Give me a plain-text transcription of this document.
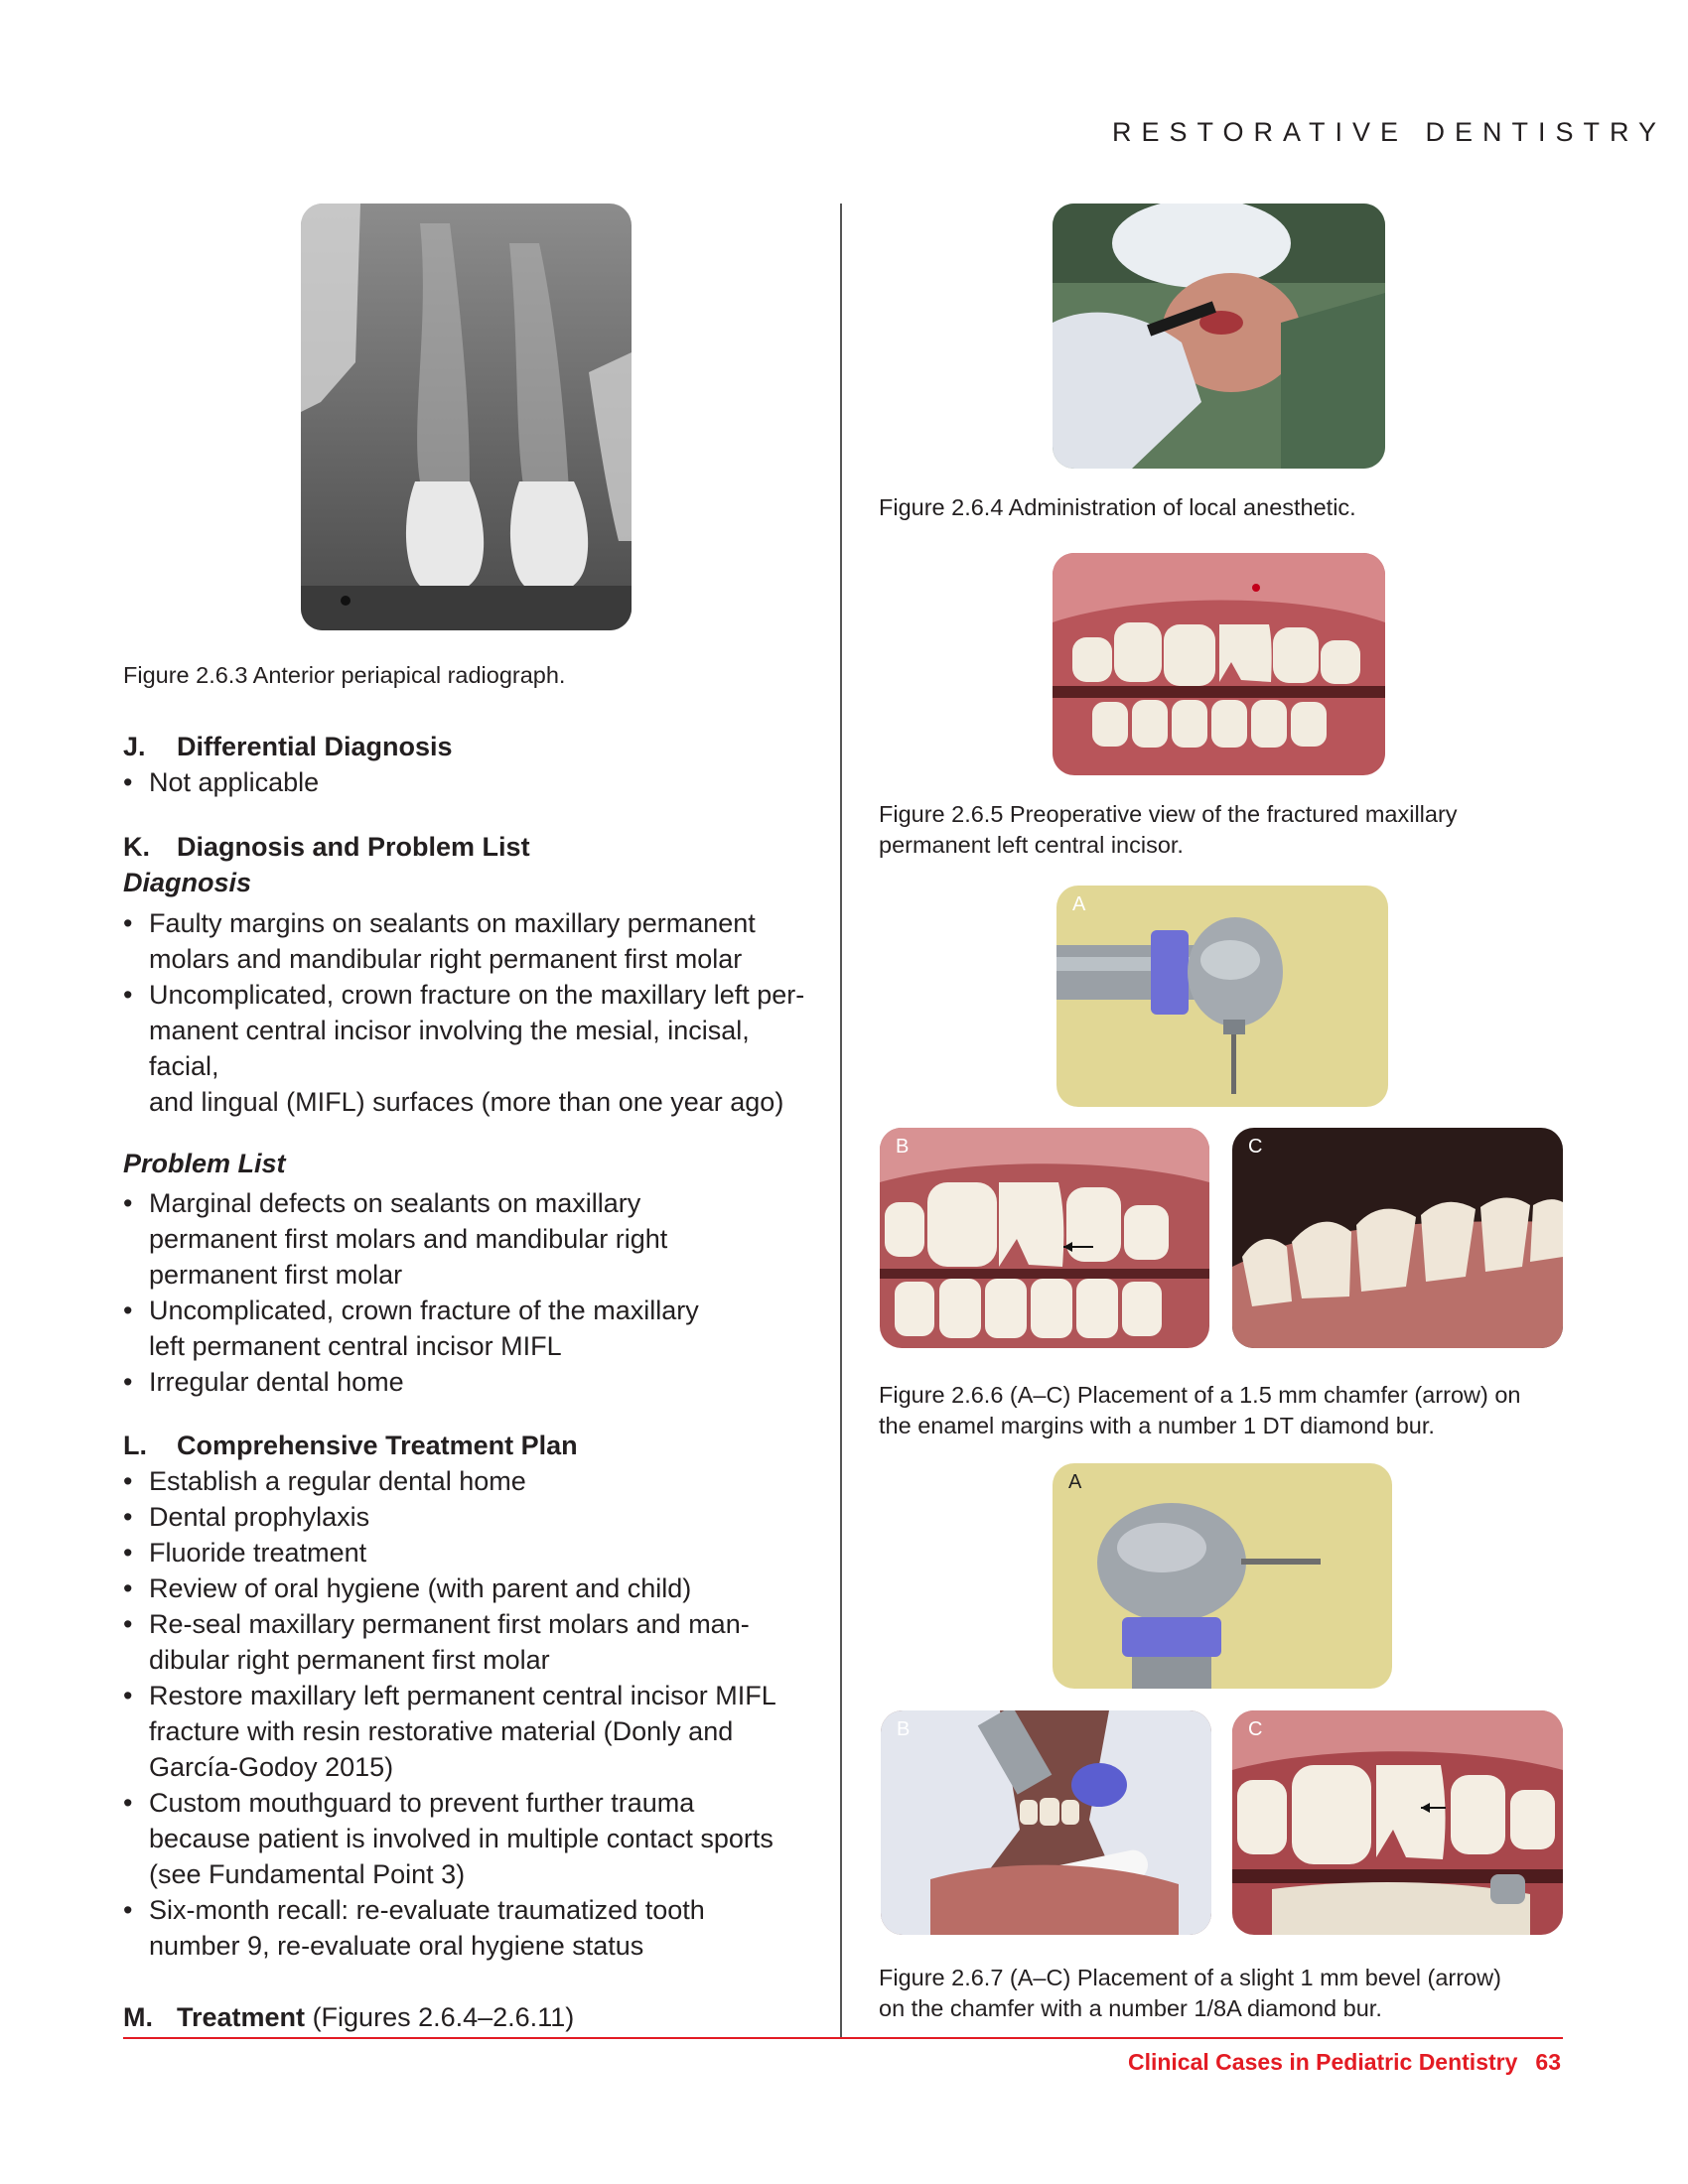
RESTORATIVE DENTISTRY
Figure 2.6.3 Anterior periapical radiograph.
J. Differential Diagnosis
• Not applicable
K. Diagnosis and Problem List
Diagnosis
• Faulty margins on sealants on maxillary permanent
molars and mandibular right permanent first molar
• Uncomplicated, crown fracture on the maxillary left per-
manent central incisor involving the mesial, incisal, facial,
and lingual (MIFL) surfaces (more than one year ago)
Problem List
• Marginal defects on sealants on maxillary
permanent first molars and mandibular right
permanent first molar
• Uncomplicated, crown fracture of the maxillary
left permanent central incisor MIFL
• Irregular dental home
L. Comprehensive Treatment Plan
• Establish a regular dental home
• Dental prophylaxis
• Fluoride treatment
• Review of oral hygiene (with parent and child)
• Re-seal maxillary permanent first molars and man-
dibular right permanent first molar
• Restore maxillary left permanent central incisor MIFL
fracture with resin restorative material (Donly and
García-Godoy 2015)
• Custom mouthguard to prevent further trauma
because patient is involved in multiple contact sports
(see Fundamental Point 3)
• Six-month recall: re-evaluate traumatized tooth
number 9, re-evaluate oral hygiene status
M. Treatment (Figures 2.6.4–2.6.11)
Figure 2.6.4 Administration of local anesthetic.
Figure 2.6.5 Preoperative view of the fractured maxillary
permanent left central incisor.
A
B	C
Figure 2.6.6 (A–C) Placement of a 1.5 mm chamfer (arrow) on
the enamel margins with a number 1 DT diamond bur.
A
B	C
Figure 2.6.7 (A–C) Placement of a slight 1 mm bevel (arrow)
on the chamfer with a number 1/8A diamond bur.
Clinical Cases in Pediatric Dentistry 63
